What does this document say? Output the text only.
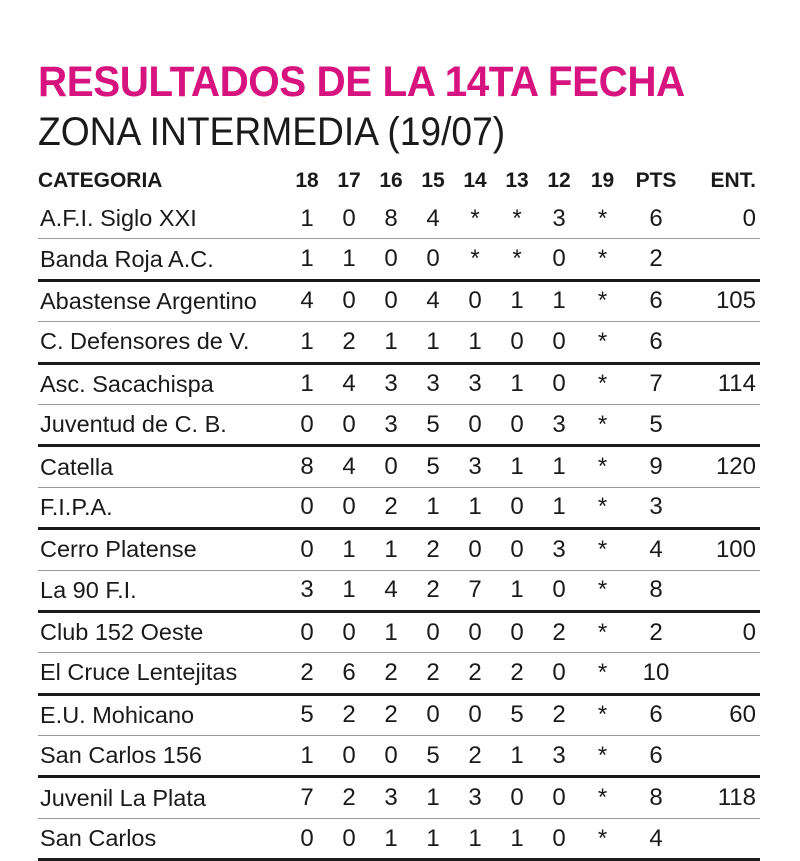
RESULTADOS DE LA 14TA FECHA
ZONA INTERMEDIA (19/07)
CATEGORIA	18	17	16	15	14	13	12	19	PTS	ENT.
A.F.I. Siglo XXI	1	0	8	4	*	*	3	*	6	0
Banda Roja A.C.	1	1	0	0	*	*	0	*	2	
Abastense Argentino	4	0	0	4	0	1	1	*	6	105
C. Defensores de V.	1	2	1	1	1	0	0	*	6	
Asc. Sacachispa	1	4	3	3	3	1	0	*	7	114
Juventud de C. B.	0	0	3	5	0	0	3	*	5	
Catella	8	4	0	5	3	1	1	*	9	120
F.I.P.A.	0	0	2	1	1	0	1	*	3	
Cerro Platense	0	1	1	2	0	0	3	*	4	100
La 90 F.I.	3	1	4	2	7	1	0	*	8	
Club 152 Oeste	0	0	1	0	0	0	2	*	2	0
El Cruce Lentejitas	2	6	2	2	2	2	0	*	10	
E.U. Mohicano	5	2	2	0	0	5	2	*	6	60
San Carlos 156	1	0	0	5	2	1	3	*	6	
Juvenil La Plata	7	2	3	1	3	0	0	*	8	118
San Carlos	0	0	1	1	1	1	0	*	4	
